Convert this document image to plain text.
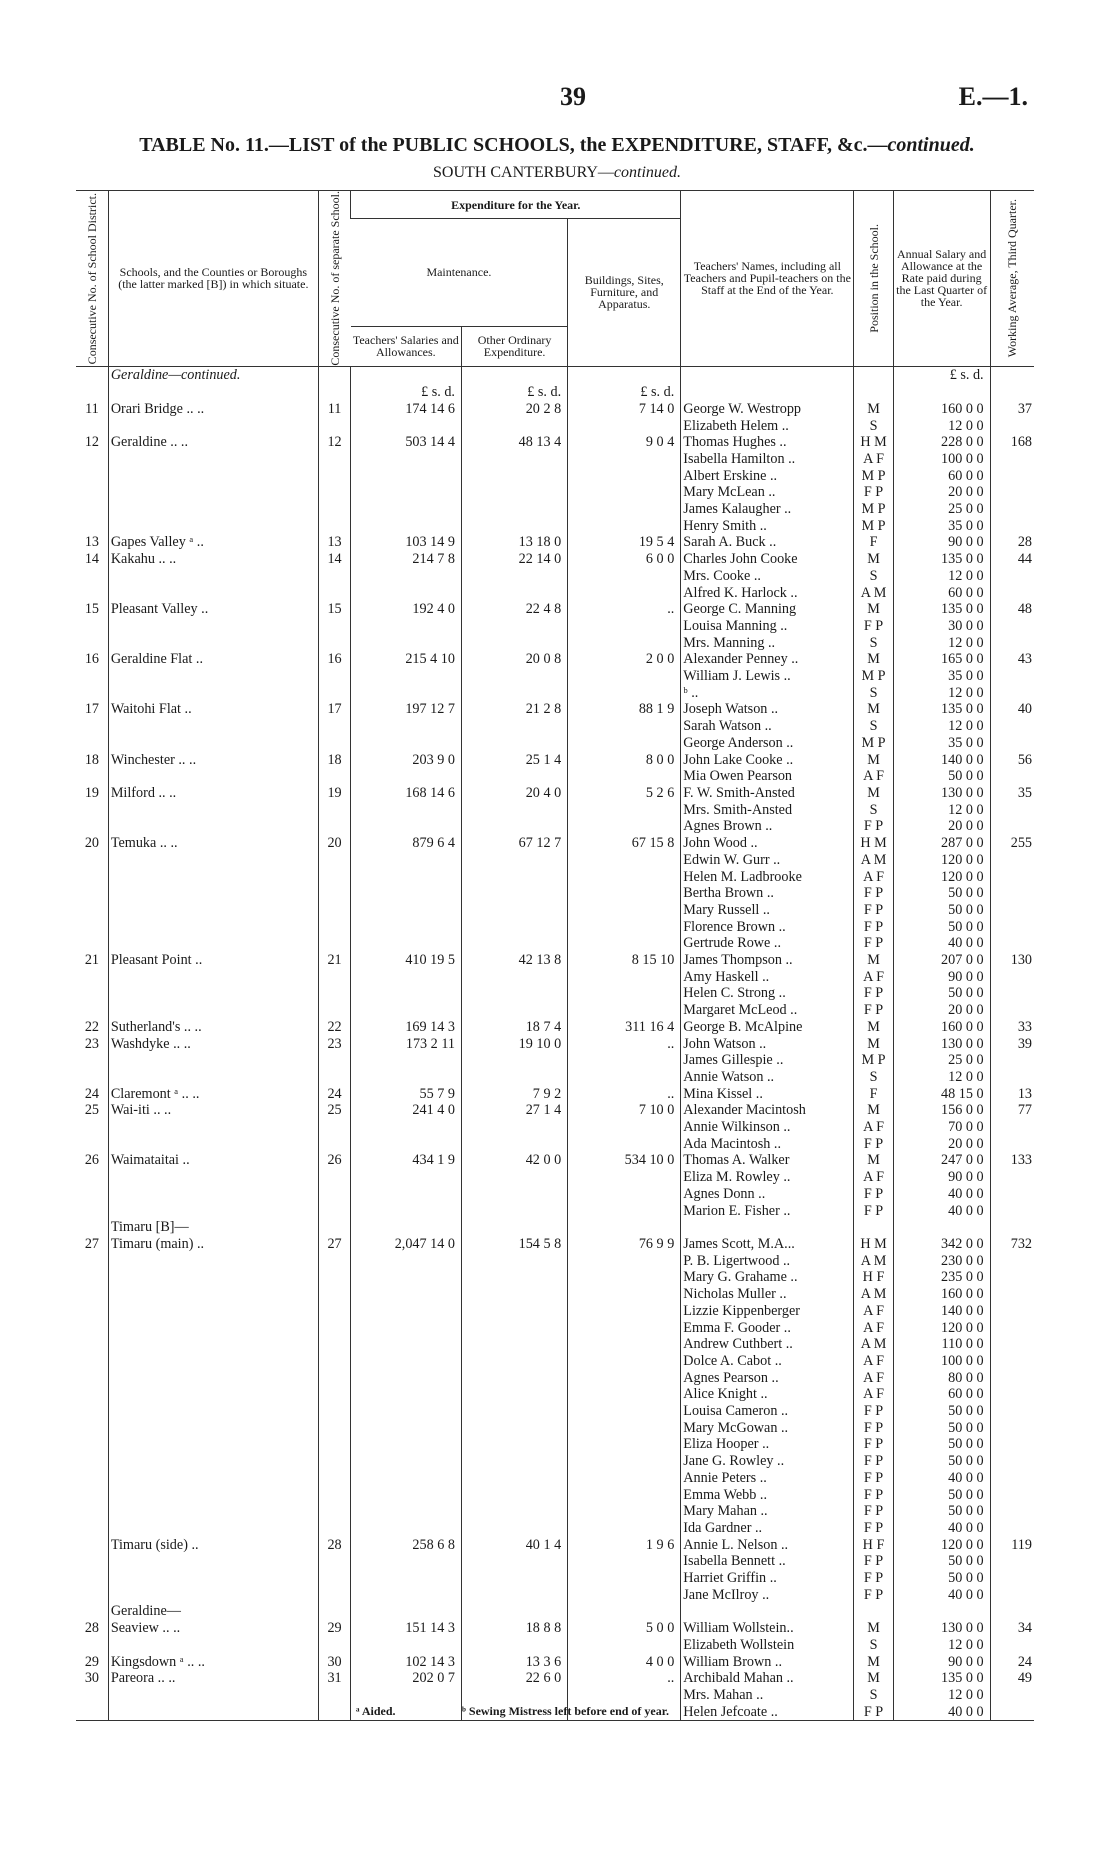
39	E.—1.
TABLE No. 11.—LIST of the PUBLIC SCHOOLS, the EXPENDITURE, STAFF, &c.—continued.
SOUTH CANTERBURY—continued.
Consecutive No. of School District.	Schools, and the Counties or Boroughs (the latter marked [B]) in which situate.	Consecutive No. of separate School.	Expenditure for the Year.			Teachers' Names, including all Teachers and Pupil-teachers on the Staff at the End of the Year.	Position in the School.	Annual Salary and Allowance at the Rate paid during the Last Quarter of the Year.	Working Average, Third Quarter.

			Maintenance.		Buildings, Sites, Furniture, and Apparatus.				
			Teachers' Salaries and Allowances.	Other Ordinary Expenditure.					
	Geraldine—continued.							£ s. d.	
			£ s. d.	£ s. d.	£ s. d.				
11	Orari Bridge .. ..	11	174 14 6	20 2 8	7 14 0	George W. Westropp	M	160 0 0	37
						Elizabeth Helem ..	S	12 0 0	
12	Geraldine .. ..	12	503 14 4	48 13 4	9 0 4	Thomas Hughes ..	H M	228 0 0	168
						Isabella Hamilton ..	A F	100 0 0	
						Albert Erskine ..	M P	60 0 0	
						Mary McLean ..	F P	20 0 0	
						James Kalaugher ..	M P	25 0 0	
						Henry Smith ..	M P	35 0 0	
13	Gapes Valley ᵃ ..	13	103 14 9	13 18 0	19 5 4	Sarah A. Buck ..	F	90 0 0	28
14	Kakahu .. ..	14	214 7 8	22 14 0	6 0 0	Charles John Cooke	M	135 0 0	44
						Mrs. Cooke ..	S	12 0 0	
						Alfred K. Harlock ..	A M	60 0 0	
15	Pleasant Valley ..	15	192 4 0	22 4 8	..	George C. Manning	M	135 0 0	48
						Louisa Manning ..	F P	30 0 0	
						Mrs. Manning ..	S	12 0 0	
16	Geraldine Flat ..	16	215 4 10	20 0 8	2 0 0	Alexander Penney ..	M	165 0 0	43
						William J. Lewis ..	M P	35 0 0	
						ᵇ ..	S	12 0 0	
17	Waitohi Flat ..	17	197 12 7	21 2 8	88 1 9	Joseph Watson ..	M	135 0 0	40
						Sarah Watson ..	S	12 0 0	
						George Anderson ..	M P	35 0 0	
18	Winchester .. ..	18	203 9 0	25 1 4	8 0 0	John Lake Cooke ..	M	140 0 0	56
						Mia Owen Pearson	A F	50 0 0	
19	Milford .. ..	19	168 14 6	20 4 0	5 2 6	F. W. Smith-Ansted	M	130 0 0	35
						Mrs. Smith-Ansted	S	12 0 0	
						Agnes Brown ..	F P	20 0 0	
20	Temuka .. ..	20	879 6 4	67 12 7	67 15 8	John Wood ..	H M	287 0 0	255
						Edwin W. Gurr ..	A M	120 0 0	
						Helen M. Ladbrooke	A F	120 0 0	
						Bertha Brown ..	F P	50 0 0	
						Mary Russell ..	F P	50 0 0	
						Florence Brown ..	F P	50 0 0	
						Gertrude Rowe ..	F P	40 0 0	
21	Pleasant Point ..	21	410 19 5	42 13 8	8 15 10	James Thompson ..	M	207 0 0	130
						Amy Haskell ..	A F	90 0 0	
						Helen C. Strong ..	F P	50 0 0	
						Margaret McLeod ..	F P	20 0 0	
22	Sutherland's .. ..	22	169 14 3	18 7 4	311 16 4	George B. McAlpine	M	160 0 0	33
23	Washdyke .. ..	23	173 2 11	19 10 0	..	John Watson ..	M	130 0 0	39
						James Gillespie ..	M P	25 0 0	
						Annie Watson ..	S	12 0 0	
24	Claremont ᵃ .. ..	24	55 7 9	7 9 2	..	Mina Kissel ..	F	48 15 0	13
25	Wai-iti .. ..	25	241 4 0	27 1 4	7 10 0	Alexander Macintosh	M	156 0 0	77
						Annie Wilkinson ..	A F	70 0 0	
						Ada Macintosh ..	F P	20 0 0	
26	Waimataitai ..	26	434 1 9	42 0 0	534 10 0	Thomas A. Walker	M	247 0 0	133
						Eliza M. Rowley ..	A F	90 0 0	
						Agnes Donn ..	F P	40 0 0	
						Marion E. Fisher ..	F P	40 0 0	
	Timaru [B]—								
27	Timaru (main) ..	27	2,047 14 0	154 5 8	76 9 9	James Scott, M.A...	H M	342 0 0	732
						P. B. Ligertwood ..	A M	230 0 0	
						Mary G. Grahame ..	H F	235 0 0	
						Nicholas Muller ..	A M	160 0 0	
						Lizzie Kippenberger	A F	140 0 0	
						Emma F. Gooder ..	A F	120 0 0	
						Andrew Cuthbert ..	A M	110 0 0	
						Dolce A. Cabot ..	A F	100 0 0	
						Agnes Pearson ..	A F	80 0 0	
						Alice Knight ..	A F	60 0 0	
						Louisa Cameron ..	F P	50 0 0	
						Mary McGowan ..	F P	50 0 0	
						Eliza Hooper ..	F P	50 0 0	
						Jane G. Rowley ..	F P	50 0 0	
						Annie Peters ..	F P	40 0 0	
						Emma Webb ..	F P	50 0 0	
						Mary Mahan ..	F P	50 0 0	
						Ida Gardner ..	F P	40 0 0	
	Timaru (side) ..	28	258 6 8	40 1 4	1 9 6	Annie L. Nelson ..	H F	120 0 0	119
						Isabella Bennett ..	F P	50 0 0	
						Harriet Griffin ..	F P	50 0 0	
						Jane McIlroy ..	F P	40 0 0	
	Geraldine—								
28	Seaview .. ..	29	151 14 3	18 8 8	5 0 0	William Wollstein..	M	130 0 0	34
						Elizabeth Wollstein	S	12 0 0	
29	Kingsdown ᵃ .. ..	30	102 14 3	13 3 6	4 0 0	William Brown ..	M	90 0 0	24
30	Pareora .. ..	31	202 0 7	22 6 0	..	Archibald Mahan ..	M	135 0 0	49
						Mrs. Mahan ..	S	12 0 0	
						Helen Jefcoate ..	F P	40 0 0	
ᵃ Aided.	ᵇ Sewing Mistress left before end of year.
